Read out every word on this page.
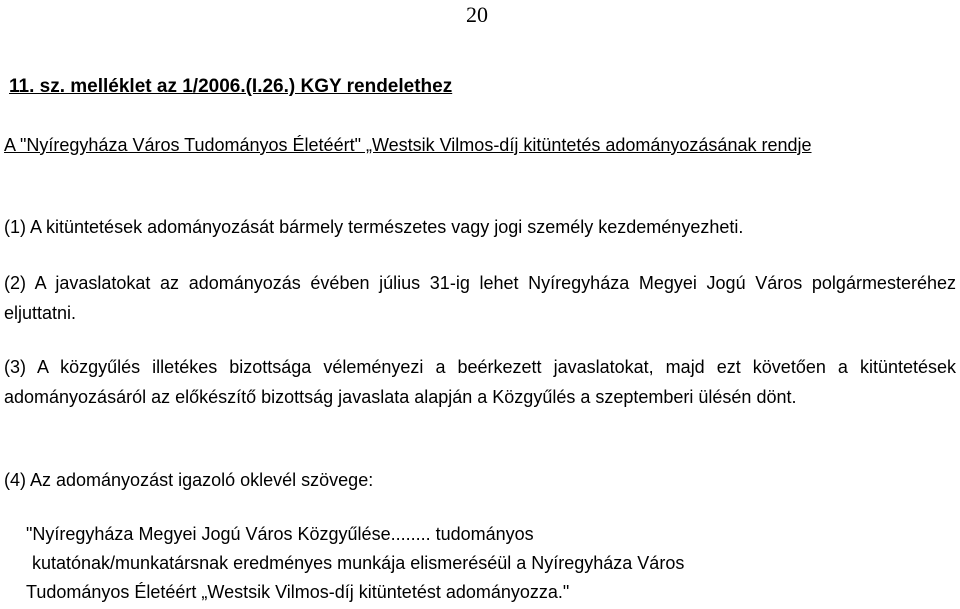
20
11. sz. melléklet az 1/2006.(I.26.) KGY rendelethez
A "Nyíregyháza Város Tudományos Életéért" „Westsik Vilmos-díj kitüntetés adományozásának rendje
(1) A kitüntetések adományozását bármely természetes vagy jogi személy kezdeményezheti.
(2) A javaslatokat az adományozás évében július 31-ig lehet Nyíregyháza Megyei Jogú Város polgármesteréhez eljuttatni.
(3) A közgyűlés illetékes bizottsága véleményezi a beérkezett javaslatokat, majd ezt követően a kitüntetések adományozásáról az előkészítő bizottság javaslata alapján a Közgyűlés a szeptemberi ülésén dönt.
(4) Az adományozást igazoló oklevél szövege:
"Nyíregyháza Megyei Jogú Város Közgyűlése........ tudományos
kutatónak/munkatársnak eredményes munkája elismeréséül a Nyíregyháza Város
Tudományos Életéért „Westsik Vilmos-díj kitüntetést adományozza."
